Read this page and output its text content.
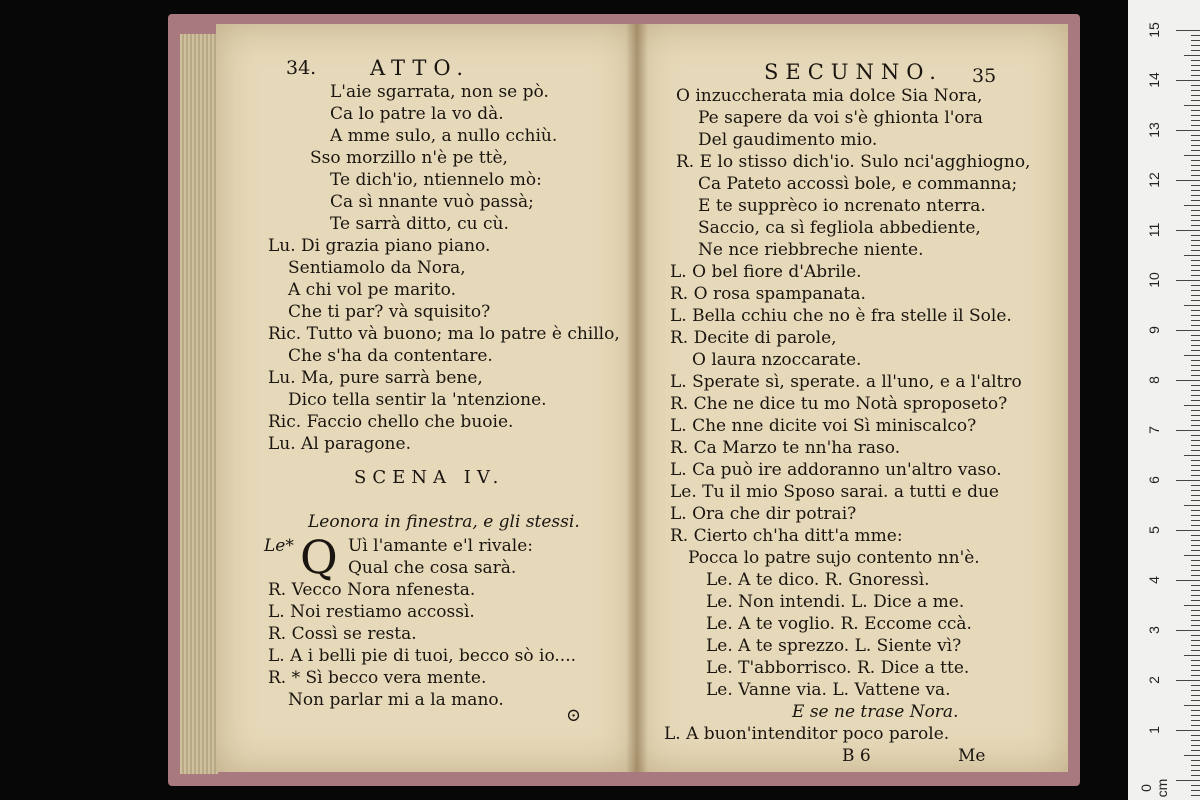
34.	ATTO.
L'aie sgarrata, non se pò.
Ca lo patre la vo dà.
A mme sulo, a nullo cchiù.
Sso morzillo n'è pe ttè,
Te dich'io, ntiennelo mò:
Ca sì nnante vuò passà;
Te sarrà ditto, cu cù.
Lu. Di grazia piano piano.
Sentiamolo da Nora,
A chi vol pe marito.
Che ti par? và squisito?
Ric. Tutto và buono; ma lo patre è chillo,
Che s'ha da contentare.
Lu. Ma, pure sarrà bene,
Dico tella sentir la 'ntenzione.
Ric. Faccio chello che buoie.
Lu. Al paragone.
SCENA IV.
Leonora in finestra, e gli stessi.
Le* Q Uì l'amante e'l rivale:
Qual che cosa sarà.
R. Vecco Nora nfenesta.
L. Noi restiamo accossì.
R. Cossì se resta.
L. A i belli pie di tuoi, becco sò io....
R. * Sì becco vera mente.
Non parlar mi a la mano.
⊙
SECUNNO. 35
O inzuccherata mia dolce Sia Nora,
Pe sapere da voi s'è ghionta l'ora
Del gaudimento mio.
R. E lo stisso dich'io. Sulo nci'agghiogno,
Ca Pateto accossì bole, e commanna;
E te supprèco io ncrenato nterra.
Saccio, ca sì fegliola abbediente,
Ne nce riebbreche niente.
L. O bel fiore d'Abrile.
R. O rosa spampanata.
L. Bella cchiu che no è fra stelle il Sole.
R. Decite di parole,
O laura nzoccarate.
L. Sperate sì, sperate. a ll'uno, e a l'altro
R. Che ne dice tu mo Notà sproposeto?
L. Che nne dicite voi Sì miniscalco?
R. Ca Marzo te nn'ha raso.
L. Ca può ire addoranno un'altro vaso.
Le. Tu il mio Sposo sarai. a tutti e due
L. Ora che dir potrai?
R. Cierto ch'ha ditt'a mme:
Pocca lo patre sujo contento nn'è.
Le. A te dico. R. Gnoressì.
Le. Non intendi. L. Dice a me.
Le. A te voglio. R. Eccome ccà.
Le. A te sprezzo. L. Siente vì?
Le. T'abborrisco. R. Dice a tte.
Le. Vanne via. L. Vattene va.
E se ne trase Nora.
L. A buon'intenditor poco parole.
B 6	Me
15
14
13
12
11
10
9
8
7
6
5
4
3
2
1
0 cm
